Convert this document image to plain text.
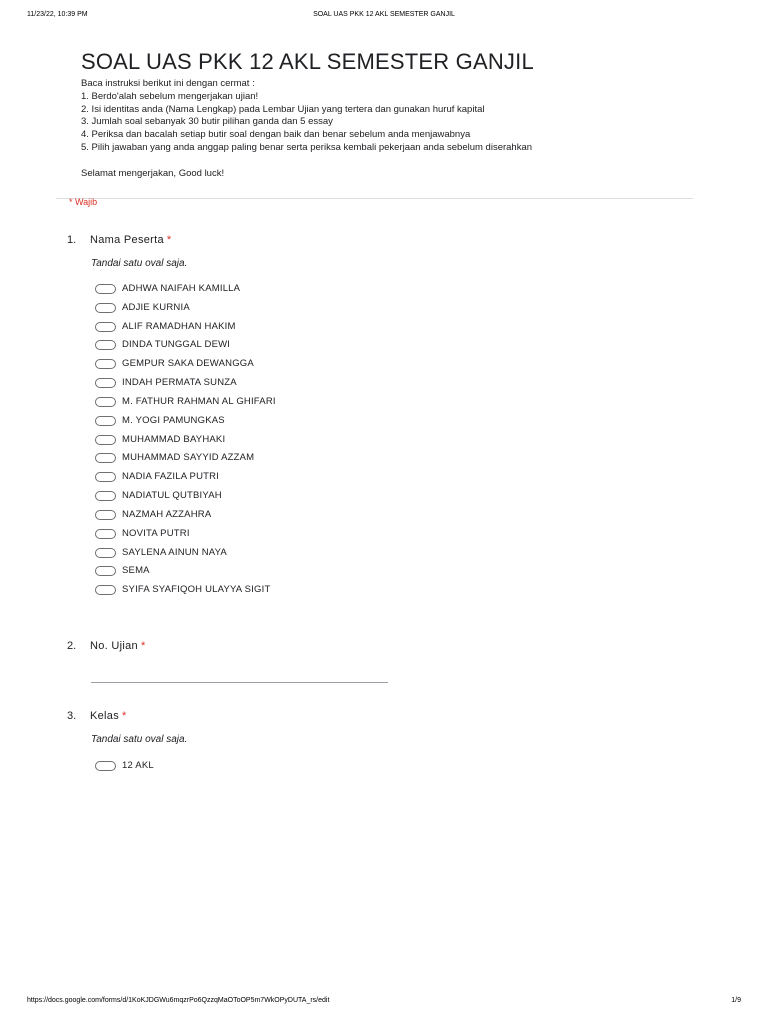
11/23/22, 10:39 PM	SOAL UAS PKK 12 AKL SEMESTER GANJIL
SOAL UAS PKK 12 AKL SEMESTER GANJIL
Baca instruksi berikut ini dengan cermat :
1. Berdo'alah sebelum mengerjakan ujian!
2. Isi identitas anda (Nama Lengkap) pada Lembar Ujian yang tertera dan gunakan huruf kapital
3. Jumlah soal sebanyak 30 butir pilihan ganda dan 5 essay
4. Periksa dan bacalah setiap butir soal dengan baik dan benar sebelum anda menjawabnya
5. Pilih jawaban yang anda anggap paling benar serta periksa kembali pekerjaan anda sebelum diserahkan
Selamat mengerjakan, Good luck!
* Wajib
1. Nama Peserta *
Tandai satu oval saja.
ADHWA NAIFAH KAMILLA
ADJIE KURNIA
ALIF RAMADHAN HAKIM
DINDA TUNGGAL DEWI
GEMPUR SAKA DEWANGGA
INDAH PERMATA SUNZA
M. FATHUR RAHMAN AL GHIFARI
M. YOGI PAMUNGKAS
MUHAMMAD BAYHAKI
MUHAMMAD SAYYID AZZAM
NADIA FAZILA PUTRI
NADIATUL QUTBIYAH
NAZMAH AZZAHRA
NOVITA PUTRI
SAYLENA AINUN NAYA
SEMA
SYIFA SYAFIQOH ULAYYA SIGIT
2. No. Ujian *
3. Kelas *
Tandai satu oval saja.
12 AKL
https://docs.google.com/forms/d/1KoKJDGWu6mqzrPo6QzzqMaOToOP5m7WkOPyDUTA_rs/edit	1/9
